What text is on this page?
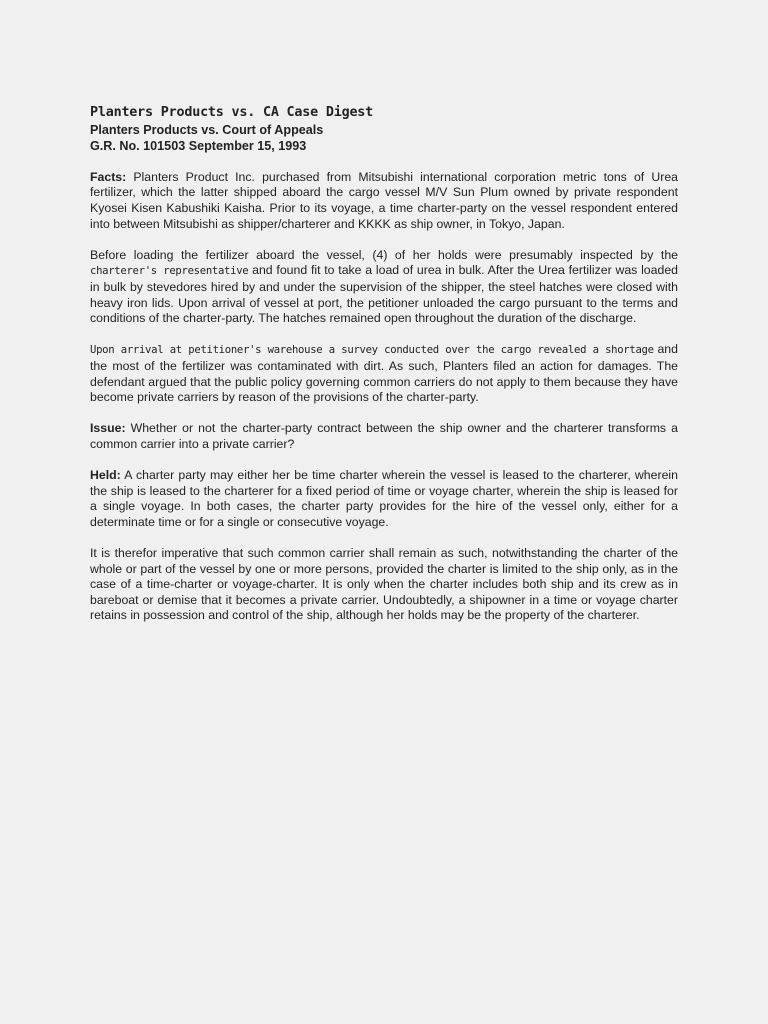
Planters Products vs. CA Case Digest
Planters Products vs. Court of Appeals
G.R. No. 101503 September 15, 1993

Facts: Planters Product Inc. purchased from Mitsubishi international corporation metric tons of Urea fertilizer, which the latter shipped aboard the cargo vessel M/V Sun Plum owned by private respondent Kyosei Kisen Kabushiki Kaisha. Prior to its voyage, a time charter-party on the vessel respondent entered into between Mitsubishi as shipper/charterer and KKKK as ship owner, in Tokyo, Japan.

Before loading the fertilizer aboard the vessel, (4) of her holds were presumably inspected by the charterer's representative and found fit to take a load of urea in bulk. After the Urea fertilizer was loaded in bulk by stevedores hired by and under the supervision of the shipper, the steel hatches were closed with heavy iron lids. Upon arrival of vessel at port, the petitioner unloaded the cargo pursuant to the terms and conditions of the charter-party. The hatches remained open throughout the duration of the discharge.

Upon arrival at petitioner's warehouse a survey conducted over the cargo revealed a shortage and the most of the fertilizer was contaminated with dirt. As such, Planters filed an action for damages. The defendant argued that the public policy governing common carriers do not apply to them because they have become private carriers by reason of the provisions of the charter-party.

Issue: Whether or not the charter-party contract between the ship owner and the charterer transforms a common carrier into a private carrier?

Held: A charter party may either her be time charter wherein the vessel is leased to the charterer, wherein the ship is leased to the charterer for a fixed period of time or voyage charter, wherein the ship is leased for a single voyage. In both cases, the charter party provides for the hire of the vessel only, either for a determinate time or for a single or consecutive voyage.

It is therefor imperative that such common carrier shall remain as such, notwithstanding the charter of the whole or part of the vessel by one or more persons, provided the charter is limited to the ship only, as in the case of a time-charter or voyage-charter. It is only when the charter includes both ship and its crew as in bareboat or demise that it becomes a private carrier. Undoubtedly, a shipowner in a time or voyage charter retains in possession and control of the ship, although her holds may be the property of the charterer.
